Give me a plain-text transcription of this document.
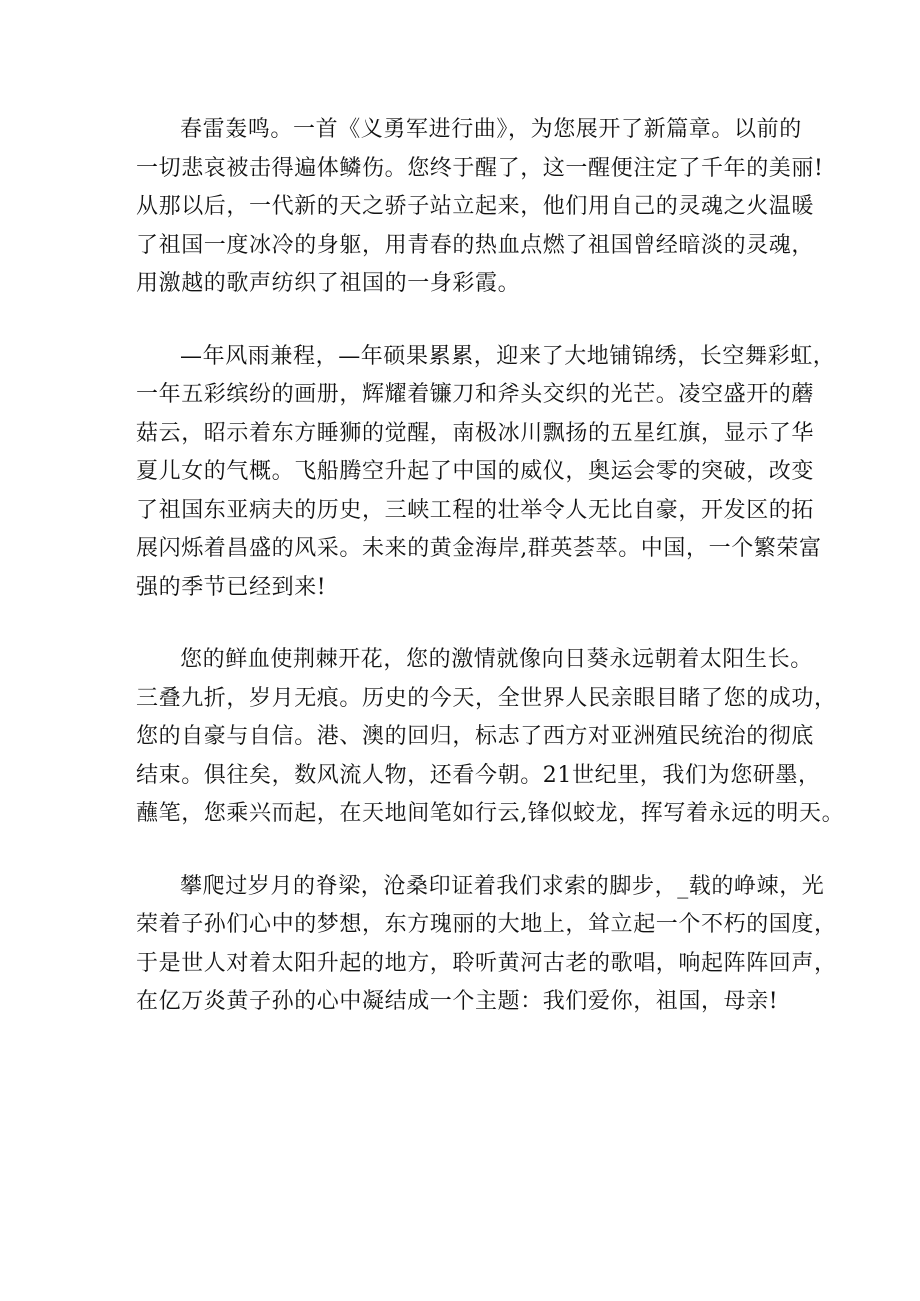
春雷轰鸣。一首《义勇军进行曲》，为您展开了新篇章。以前的
一切悲哀被击得遍体鳞伤。您终于醒了，这一醒便注定了千年的美丽!
从那以后，一代新的天之骄子站立起来，他们用自己的灵魂之火温暖
了祖国一度冰冷的身躯，用青春的热血点燃了祖国曾经暗淡的灵魂，
用激越的歌声纺织了祖国的一身彩霞。
—年风雨兼程，—年硕果累累，迎来了大地铺锦绣，长空舞彩虹，
一年五彩缤纷的画册，辉耀着镰刀和斧头交织的光芒。凌空盛开的蘑
菇云，昭示着东方睡狮的觉醒，南极冰川飘扬的五星红旗，显示了华
夏儿女的气概。飞船腾空升起了中国的威仪，奥运会零的突破，改变
了祖国东亚病夫的历史，三峡工程的壮举令人无比自豪，开发区的拓
展闪烁着昌盛的风采。未来的黄金海岸,群英荟萃。中国，一个繁荣富
强的季节已经到来!
您的鲜血使荆棘开花，您的激情就像向日葵永远朝着太阳生长。
三叠九折，岁月无痕。历史的今天，全世界人民亲眼目睹了您的成功，
您的自豪与自信。港、澳的回归，标志了西方对亚洲殖民统治的彻底
结束。俱往矣，数风流人物，还看今朝。21世纪里，我们为您研墨，
蘸笔，您乘兴而起，在天地间笔如行云,锋似蛟龙，挥写着永远的明天。
攀爬过岁月的脊梁，沧桑印证着我们求索的脚步，_载的峥竦，光
荣着子孙们心中的梦想，东方瑰丽的大地上，耸立起一个不朽的国度，
于是世人对着太阳升起的地方，聆听黄河古老的歌唱，响起阵阵回声，
在亿万炎黄子孙的心中凝结成一个主题：我们爱你，祖国，母亲!
